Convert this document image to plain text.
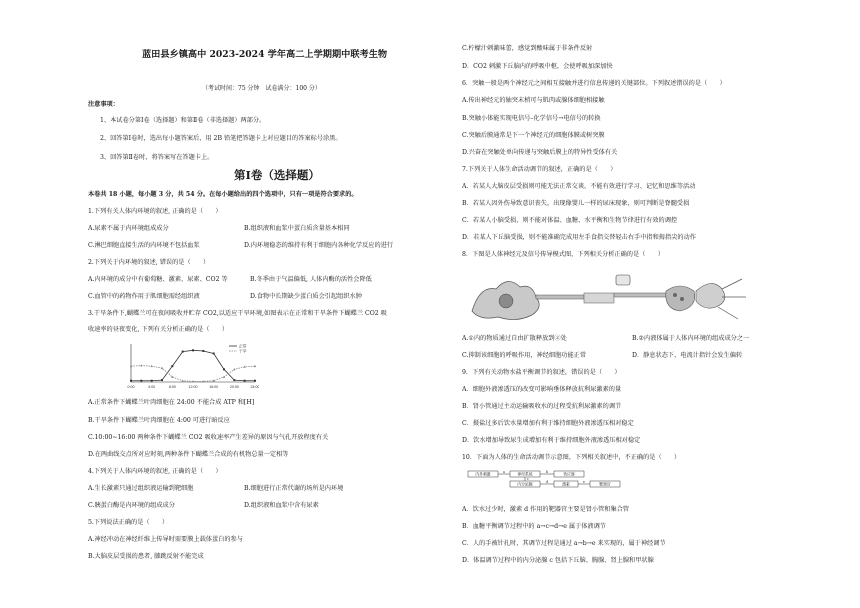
蓝田县乡镇高中 2023-2024 学年高二上学期期中联考生物
（考试时间：75 分钟　试卷满分：100 分）
注意事项：
1、本试卷分第Ⅰ卷（选择题）和第Ⅱ卷（非选择题）两部分。
2、回答第Ⅰ卷时，选出每小题答案后，用 2B 铅笔把答题卡上对应题目的答案标号涂黑。
3、回答第Ⅱ卷时，将答案写在答题卡上。
第Ⅰ卷（选择题）
本卷共 18 小题，每小题 3 分，共 54 分。在每小题给出的四个选项中，只有一项是符合要求的。
1.下列有关人体内环境的叙述, 正确的是（　　）
A.尿素不属于内环境组成成分	B.组织液和血浆中蛋白质含量基本相同
C.淋巴细胞直接生活的内环境不包括血浆	D.内环境稳态的维持有利于细胞内各种化学反应的进行
2.下列关于内环境的叙述, 错误的是（　　）
A.内环境的成分中有葡萄糖、激素、尿素、CO2 等	B.冬季由于气温偏低, 人体内酶的活性会降低
C.血管中的药物作用于肌细胞需经组织液	D.食物中长期缺少蛋白质会引起组织水肿
3.干旱条件下,蝴蝶兰可在夜间吸收并贮存 CO2,以适应干旱环境,如图表示在正常和干旱条件下蝴蝶兰 CO2 吸
收速率的昼夜变化, 下列有关分析正确的是（　　）
0:00	4:00	8:00	12:00	16:00	20:00	24:00
正常
干旱
A.正常条件下蝴蝶兰叶肉细胞在 24:00 不能合成 ATP 和[H]
B.干旱条件下蝴蝶兰叶肉细胞在 4:00 可进行暗反应
C.10:00~16:00 两种条件下蝴蝶兰 CO2 吸收速率产生差异的原因与气孔开放程度有关
D.在两曲线交点所对应时刻,两种条件下蝴蝶兰合成的有机物总量一定相等
4.下列关于人体内环境的叙述, 正确的是（　　）
A.生长激素只通过组织液运输到靶细胞	B.细胞进行正常代谢的场所是内环境
C.胰蛋白酶是内环境的组成成分	D.组织液和血浆中含有尿素
5.下列说法正确的是（　　）
A.神经冲动在神经纤维上传导时需要膜上载体蛋白的参与
B.大脑皮层受损的患者, 膝跳反射不能完成
C.柠檬汁刺激味蕾，感觉到酸味属于非条件反射
D．CO2 刺激下丘脑内的呼吸中枢，会使呼吸加深加快
6．突触一般是两个神经元之间相互接触并进行信息传递的关键部位。下列叙述错误的是（　　）
A.传出神经元的轴突末梢可与肌肉或腺体细胞相接触
B.突触小体能实现电信号–化学信号→电信号的转换
C.突触后膜通常是下一个神经元的细胞体膜或树突膜
D.兴奋在突触处单向传递与突触后膜上的特异性受体有关
7.下列关于人体生命活动调节的叙述，正确的是（　　）
A．若某人大脑皮层受损则可能无法正常交谈，不能有效进行学习、记忆和思维等活动
B．若某人因外伤导致意识丧失，出现像婴儿一样的尿床现象，则可判断是脊髓受损
C．若某人小脑受损，则不能对体温、血糖、水平衡和生物节律进行有效的调控
D．若某人下丘脑受损，则不能准确完成用左手食指交替轻击右手中指和拇指尖的动作
8．下图是人体神经元及信号传导模式图，下列相关分析正确的是（　　）
A.①内的物质通过自由扩散释放到②处	B.②内液体属于人体内环境的组成成分之一
C.抑制该细胞的呼吸作用，神经细胞功能正常	D．静息状态下，电流计指针会发生偏转
9．下列有关动物水盐平衡调节的叙述，错误的是（　　）
A．细胞外液渗透压的改变可影响垂体释放抗利尿激素的量
B．肾小管通过主动运输吸收水的过程受抗利尿激素的调节
C．摄盐过多后饮水量增加有利于维持细胞外液渗透压相对稳定
D．饮水增加导致尿生成增加有利于维持细胞外液渗透压相对稳定
10．下面为人体的生命活动调节示意图，下列相关叙述中，不正确的是（　　）
内外刺激	神经系统	效应器
内分泌腺	激素	靶器官
a	b
c
d	e
A．饮水过少时，激素 d 作用的靶器官主要是肾小管和集合管
B．血糖平衡调节过程中的 a→c→d→e 属于体液调节
C．人的手被针扎时，其调节过程是通过 a→b→e 来实现的，属于神经调节
D．体温调节过程中的内分泌腺 c 包括下丘脑、胸腺、肾上腺和甲状腺
